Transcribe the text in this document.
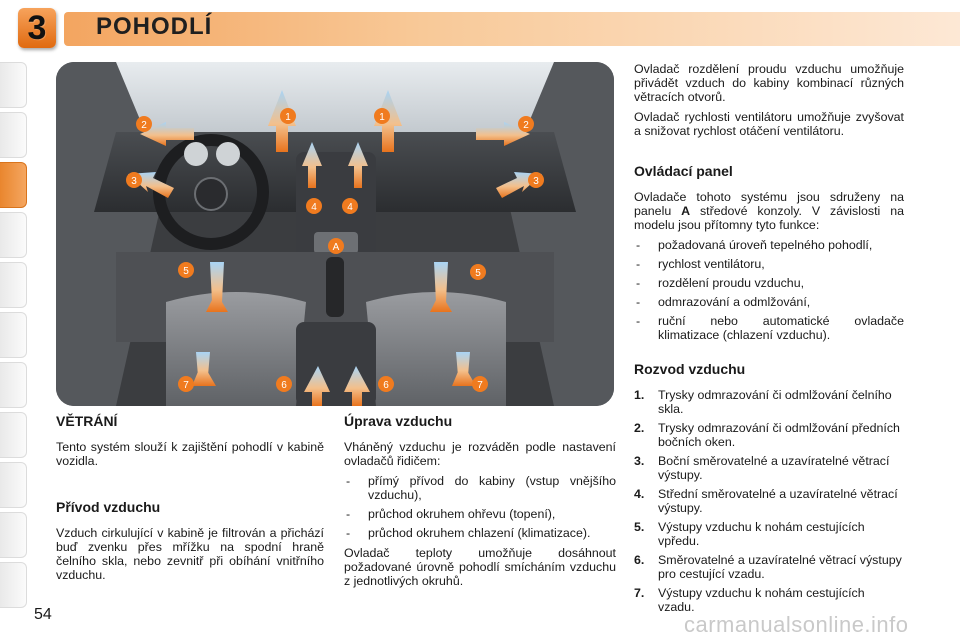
3	POHODLÍ
1	1
2	2
3	3
4	4
5	5
6	6
7	7
A
VĚTRÁNÍ

Tento systém slouží k zajištění pohodlí v kabině vozidla.

Přívod vzduchu

Vzduch cirkulující v kabině je filtrován a přichází buď zvenku přes mřížku na spodní hraně čelního skla, nebo zevnitř při obíhání vnitřního vzduchu.

Úprava vzduchu

Vháněný vzduchu je rozváděn podle nastavení ovladačů řidičem:

- přímý přívod do kabiny (vstup vnějšího vzduchu),
- průchod okruhem ohřevu (topení),
- průchod okruhem chlazení (klimatizace).

Ovladač teploty umožňuje dosáhnout požadované úrovně pohodlí smícháním vzduchu z jednotlivých okruhů.

Ovladač rozdělení proudu vzduchu umožňuje přivádět vzduch do kabiny kombinací různých větracích otvorů.

Ovladač rychlosti ventilátoru umožňuje zvyšovat a snižovat rychlost otáčení ventilátoru.

Ovládací panel

Ovladače tohoto systému jsou sdruženy na panelu A středové konzoly. V závislosti na modelu jsou přítomny tyto funkce:

- požadovaná úroveň tepelného pohodlí,
- rychlost ventilátoru,
- rozdělení proudu vzduchu,
- odmrazování a odmlžování,
- ruční nebo automatické ovladače klimatizace (chlazení vzduchu).
Rozvod vzduchu
1. Trysky odmrazování či odmlžování čelního skla.
2. Trysky odmrazování či odmlžování předních bočních oken.
3. Boční směrovatelné a uzavíratelné větrací výstupy.
4. Střední směrovatelné a uzavíratelné větrací výstupy.
5. Výstupy vzduchu k nohám cestujících vpředu.
6. Směrovatelné a uzavíratelné větrací výstupy pro cestující vzadu.
7. Výstupy vzduchu k nohám cestujících vzadu.
54	carmanualsonline.info
